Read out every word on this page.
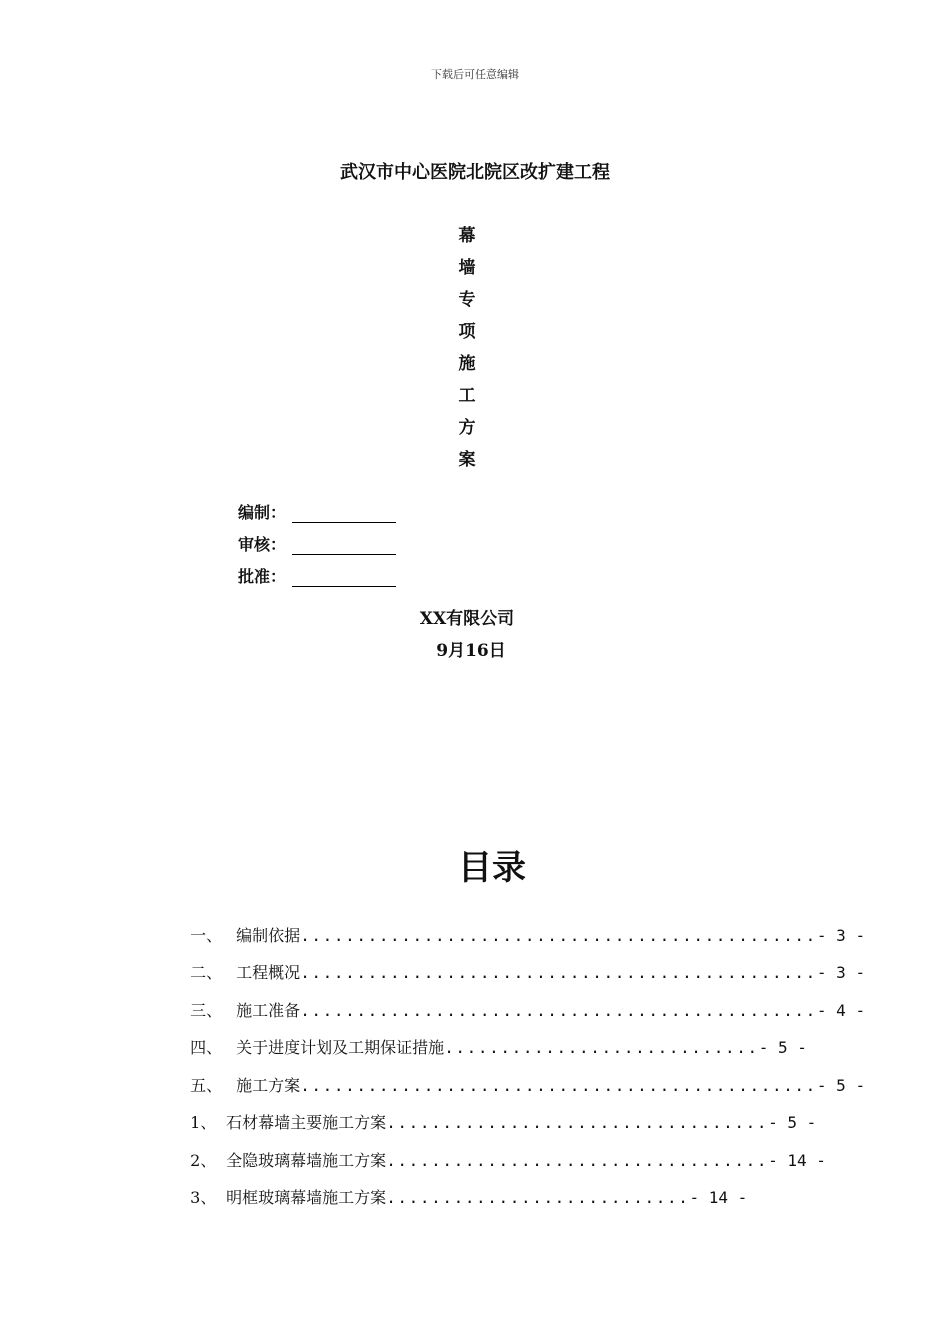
下载后可任意编辑
武汉市中心医院北院区改扩建工程
幕
墙
专
项
施
工
方
案
编制：
审核：
批准：
XX有限公司
9月16日
目录

一、 编制依据..............................................- 3 -

二、 工程概况..............................................- 3 -

三、 施工准备..............................................- 4 -

四、 关于进度计划及工期保证措施............................- 5 -

五、 施工方案..............................................- 5 -

1、 石材幕墙主要施工方案..................................- 5 -

2、 全隐玻璃幕墙施工方案..................................- 14 -

3、 明框玻璃幕墙施工方案...........................- 14 -
